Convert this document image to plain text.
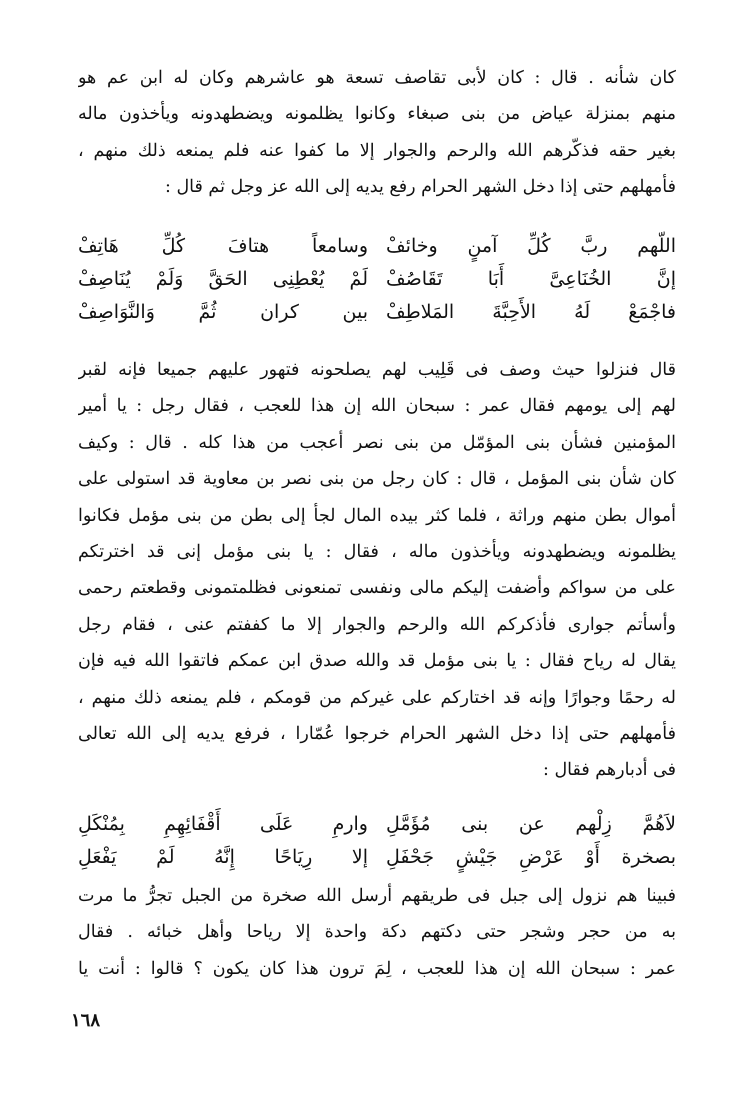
كان شأنه . قال : كان لأبى تقاصف تسعة هو عاشرهم وكان له ابن عم هو
منهم بمنزلة عياض من بنى صبغاء وكانوا يظلمونه ويضطهدونه ويأخذون ماله
بغير حقه فذكّرهم الله والرحم والجوار إلا ما كفوا عنه فلم يمنعه ذلك منهم ،
فأمهلهم حتى إذا دخل الشهر الحرام رفع يديه إلى الله عز وجل ثم قال :
اللّهم ربَّ كُلِّ آمنٍ وخائفْ
وسامعاً هتافَ كُلِّ هَاتِفْ
إنَّ الخُنَاعِىَّ أَبَا تَقَاصُفْ
لَمْ يُعْطِنِى الحَقَّ وَلَمْ يُنَاصِفْ
فاجْمَعْ لَهُ الأَحِبَّةَ المَلاطِفْ
بين كران ثُمَّ وَالنَّوَاصِفْ
قال فنزلوا حيث وصف فى قَلِيب لهم يصلحونه فتهور عليهم جميعا فإنه لقبر
لهم إلى يومهم فقال عمر : سبحان الله إن هذا للعجب ، فقال رجل : يا أمير
المؤمنين فشأن بنى المؤمّل من بنى نصر أعجب من هذا كله . قال : وكيف
كان شأن بنى المؤمل ، قال : كان رجل من بنى نصر بن معاوية قد استولى على
أموال بطن منهم وراثة ، فلما كثر بيده المال لجأ إلى بطن من بنى مؤمل فكانوا
يظلمونه ويضطهدونه ويأخذون ماله ، فقال : يا بنى مؤمل إنى قد اخترتكم
على من سواكم وأضفت إليكم مالى ونفسى تمنعونى فظلمتمونى وقطعتم رحمى
وأسأتم جوارى فأذكركم الله والرحم والجوار إلا ما كففتم عنى ، فقام رجل
يقال له رياح فقال : يا بنى مؤمل قد والله صدق ابن عمكم فاتقوا الله فيه فإن
له رحمًا وجوارًا وإنه قد اختاركم على غيركم من قومكم ، فلم يمنعه ذلك منهم ،
فأمهلهم حتى إذا دخل الشهر الحرام خرجوا عُمّارا ، فرفع يديه إلى الله تعالى
فى أدبارهم فقال :
لاَهُمَّ زِلْهم عن بنى مُؤَمَّلِ
وارمِ عَلَى أَقْفَائِهِمِ بِمُنْكَلِ
بصخرة أَوْ عَرْضِ جَيْشٍ جَحْفَلِ
إلا رِيَاحًا إِنَّهُ لَمْ يَفْعَلِ
فبينا هم نزول إلى جبل فى طريقهم أرسل الله صخرة من الجبل تجرُّ ما مرت
به من حجر وشجر حتى دكتهم دكة واحدة إلا رياحا وأهل خبائه . فقال
عمر : سبحان الله إن هذا للعجب ، لِمَ ترون هذا كان يكون ؟ قالوا : أنت يا
١٦٨
